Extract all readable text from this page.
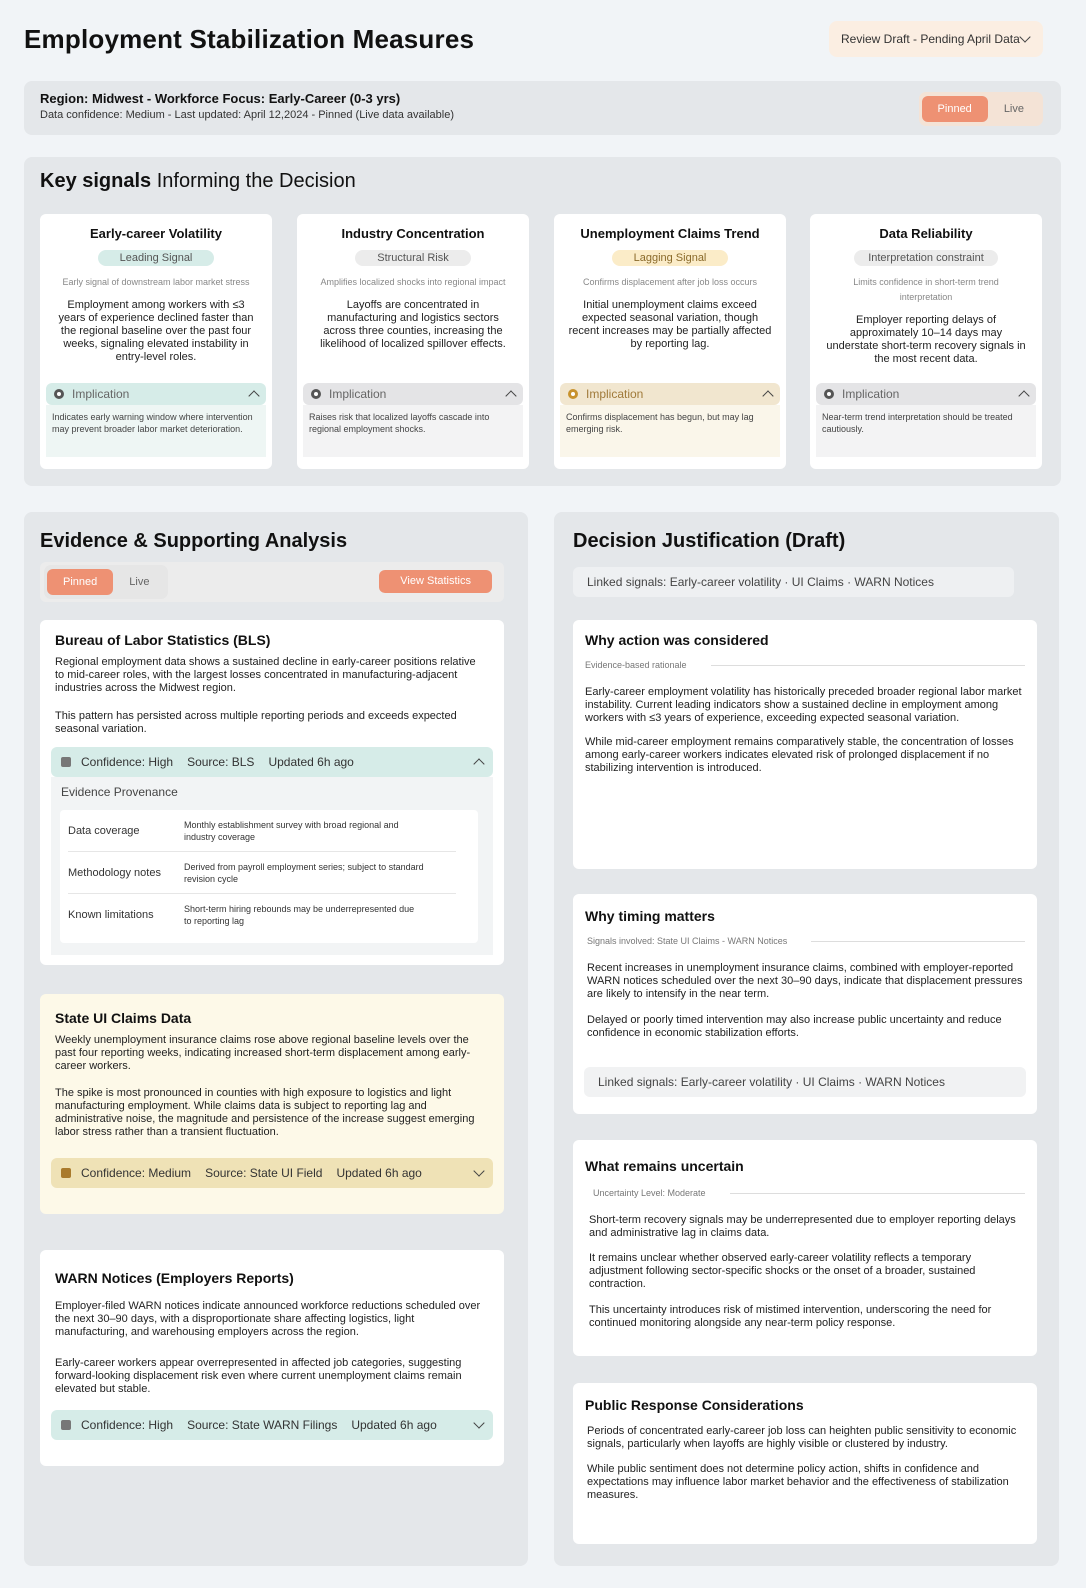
Employment Stabilization Measures	Review Draft - Pending April Data
Region: Midwest - Workforce Focus: Early-Career (0-3 yrs)
Data confidence: Medium - Last updated: April 12,2024 - Pinned (Live data available)	Pinned	Live
Key signals Informing the Decision
Early-career Volatility
Leading Signal
Early signal of downstream labor market stress
Employment among workers with ≤3 years of experience declined faster than the regional baseline over the past four weeks, signaling elevated instability in entry-level roles.
Implication
Indicates early warning window where intervention may prevent broader labor market deterioration.
Industry Concentration
Structural Risk
Amplifies localized shocks into regional impact
Layoffs are concentrated in manufacturing and logistics sectors across three counties, increasing the likelihood of localized spillover effects.
Implication
Raises risk that localized layoffs cascade into regional employment shocks.
Unemployment Claims Trend
Lagging Signal
Confirms displacement after job loss occurs
Initial unemployment claims exceed expected seasonal variation, though recent increases may be partially affected by reporting lag.
Implication
Confirms displacement has begun, but may lag emerging risk.
Data Reliability
Interpretation constraint
Limits confidence in short-term trend interpretation
Employer reporting delays of approximately 10–14 days may understate short-term recovery signals in the most recent data.
Implication
Near-term trend interpretation should be treated cautiously.
Evidence & Supporting Analysis
Pinned	Live	View Statistics
Bureau of Labor Statistics (BLS)
Regional employment data shows a sustained decline in early-career positions relative to mid-career roles, with the largest losses concentrated in manufacturing-adjacent industries across the Midwest region.
This pattern has persisted across multiple reporting periods and exceeds expected seasonal variation.
Confidence: High Source: BLS Updated 6h ago
Evidence Provenance
Data coverage	Monthly establishment survey with broad regional and industry coverage
Methodology notes	Derived from payroll employment series; subject to standard revision cycle
Known limitations	Short-term hiring rebounds may be underrepresented due to reporting lag
State UI Claims Data
Weekly unemployment insurance claims rose above regional baseline levels over the past four reporting weeks, indicating increased short-term displacement among early-career workers.
The spike is most pronounced in counties with high exposure to logistics and light manufacturing employment. While claims data is subject to reporting lag and administrative noise, the magnitude and persistence of the increase suggest emerging labor stress rather than a transient fluctuation.
Confidence: Medium Source: State UI Field Updated 6h ago
WARN Notices (Employers Reports)
Employer-filed WARN notices indicate announced workforce reductions scheduled over the next 30–90 days, with a disproportionate share affecting logistics, light manufacturing, and warehousing employers across the region.
Early-career workers appear overrepresented in affected job categories, suggesting forward-looking displacement risk even where current unemployment claims remain elevated but stable.
Confidence: High Source: State WARN Filings Updated 6h ago
Decision Justification (Draft)
Linked signals: Early-career volatility · UI Claims · WARN Notices
Why action was considered
Evidence-based rationale
Early-career employment volatility has historically preceded broader regional labor market instability. Current leading indicators show a sustained decline in employment among workers with ≤3 years of experience, exceeding expected seasonal variation.
While mid-career employment remains comparatively stable, the concentration of losses among early-career workers indicates elevated risk of prolonged displacement if no stabilizing intervention is introduced.
Why timing matters
Signals involved: State UI Claims - WARN Notices
Recent increases in unemployment insurance claims, combined with employer-reported WARN notices scheduled over the next 30–90 days, indicate that displacement pressures are likely to intensify in the near term.
Delayed or poorly timed intervention may also increase public uncertainty and reduce confidence in economic stabilization efforts.
Linked signals: Early-career volatility · UI Claims · WARN Notices
What remains uncertain
Uncertainty Level: Moderate
Short-term recovery signals may be underrepresented due to employer reporting delays and administrative lag in claims data.
It remains unclear whether observed early-career volatility reflects a temporary adjustment following sector-specific shocks or the onset of a broader, sustained contraction.
This uncertainty introduces risk of mistimed intervention, underscoring the need for continued monitoring alongside any near-term policy response.
Public Response Considerations
Periods of concentrated early-career job loss can heighten public sensitivity to economic signals, particularly when layoffs are highly visible or clustered by industry.
While public sentiment does not determine policy action, shifts in confidence and expectations may influence labor market behavior and the effectiveness of stabilization measures.
